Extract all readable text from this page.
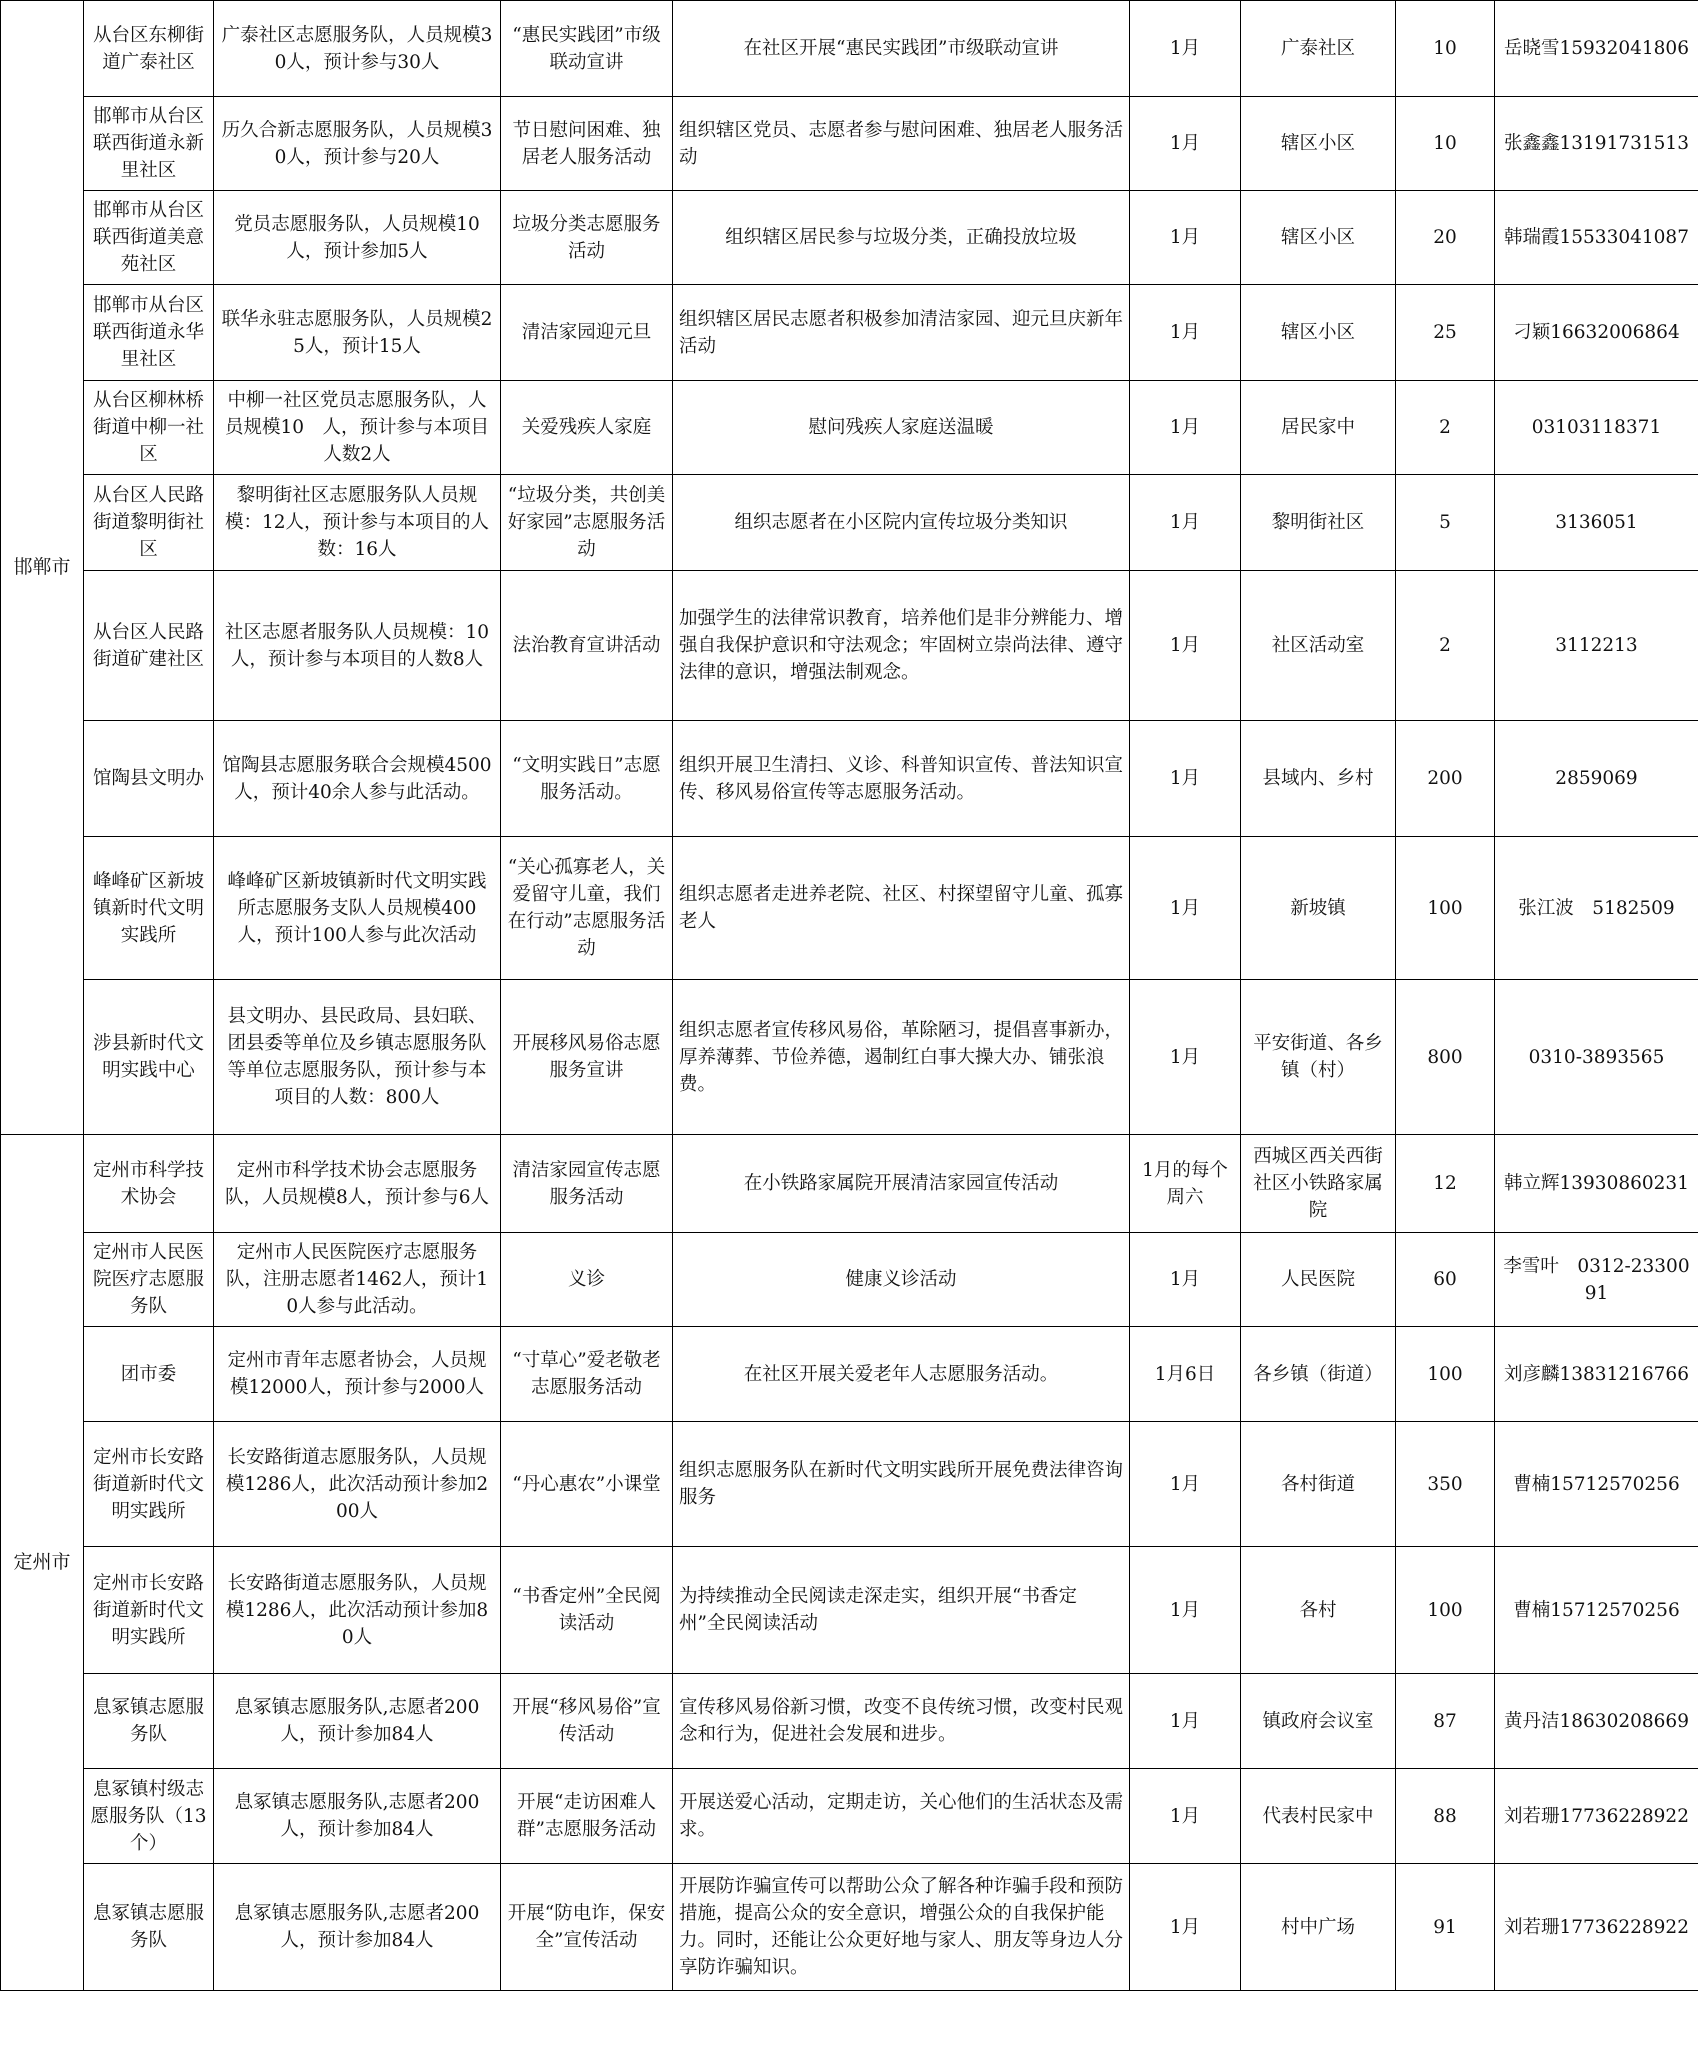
邯郸市	从台区东柳街道广泰社区	广泰社区志愿服务队，人员规模30人，预计参与30人	“惠民实践团”市级联动宣讲	在社区开展“惠民实践团”市级联动宣讲	1月	广泰社区	10	岳晓雪15932041806
	邯郸市从台区联西街道永新里社区	历久合新志愿服务队，人员规模30人，预计参与20人	节日慰问困难、独居老人服务活动	组织辖区党员、志愿者参与慰问困难、独居老人服务活动	1月	辖区小区	10	张鑫鑫13191731513
	邯郸市从台区联西街道美意苑社区	党员志愿服务队，人员规模10人，预计参加5人	垃圾分类志愿服务活动	组织辖区居民参与垃圾分类，正确投放垃圾	1月	辖区小区	20	韩瑞霞15533041087
	邯郸市从台区联西街道永华里社区	联华永驻志愿服务队，人员规模25人，预计15人	清洁家园迎元旦	组织辖区居民志愿者积极参加清洁家园、迎元旦庆新年活动	1月	辖区小区	25	刁颖16632006864
	从台区柳林桥街道中柳一社区	中柳一社区党员志愿服务队，人员规模10　人，预计参与本项目人数2人	关爱残疾人家庭	慰问残疾人家庭送温暖	1月	居民家中	2	03103118371
	从台区人民路街道黎明街社区	黎明街社区志愿服务队人员规模：12人，预计参与本项目的人数：16人	“垃圾分类，共创美好家园”志愿服务活动	组织志愿者在小区院内宣传垃圾分类知识	1月	黎明街社区	5	3136051
	从台区人民路街道矿建社区	社区志愿者服务队人员规模：10人，预计参与本项目的人数8人	法治教育宣讲活动	加强学生的法律常识教育，培养他们是非分辨能力、增强自我保护意识和守法观念；牢固树立崇尚法律、遵守法律的意识，增强法制观念。	1月	社区活动室	2	3112213
	馆陶县文明办	馆陶县志愿服务联合会规模4500人，预计40余人参与此活动。	“文明实践日”志愿服务活动。	组织开展卫生清扫、义诊、科普知识宣传、普法知识宣传、移风易俗宣传等志愿服务活动。	1月	县域内、乡村	200	2859069
	峰峰矿区新坡镇新时代文明实践所	峰峰矿区新坡镇新时代文明实践所志愿服务支队人员规模400人，预计100人参与此次活动	“关心孤寡老人，关爱留守儿童，我们在行动”志愿服务活动	组织志愿者走进养老院、社区、村探望留守儿童、孤寡老人	1月	新坡镇	100	张江波　5182509
	涉县新时代文明实践中心	县文明办、县民政局、县妇联、团县委等单位及乡镇志愿服务队等单位志愿服务队，预计参与本项目的人数：800人	开展移风易俗志愿服务宣讲	组织志愿者宣传移风易俗，革除陋习，提倡喜事新办，厚养薄葬、节俭养德，遏制红白事大操大办、铺张浪费。	1月	平安街道、各乡镇（村）	800	0310-3893565
定州市	定州市科学技术协会	定州市科学技术协会志愿服务队，人员规模8人，预计参与6人	清洁家园宣传志愿服务活动	在小铁路家属院开展清洁家园宣传活动	1月的每个周六	西城区西关西街社区小铁路家属院	12	韩立辉13930860231
	定州市人民医院医疗志愿服务队	定州市人民医院医疗志愿服务队，注册志愿者1462人，预计10人参与此活动。	义诊	健康义诊活动	1月	人民医院	60	李雪叶　0312-2330091
	团市委	定州市青年志愿者协会，人员规模12000人，预计参与2000人	“寸草心”爱老敬老志愿服务活动	在社区开展关爱老年人志愿服务活动。	1月6日	各乡镇（街道）	100	刘彦麟13831216766
	定州市长安路街道新时代文明实践所	长安路街道志愿服务队，人员规模1286人，此次活动预计参加200人	“丹心惠农”小课堂	组织志愿服务队在新时代文明实践所开展免费法律咨询服务	1月	各村街道	350	曹楠15712570256
	定州市长安路街道新时代文明实践所	长安路街道志愿服务队，人员规模1286人，此次活动预计参加80人	“书香定州”全民阅读活动	为持续推动全民阅读走深走实，组织开展“书香定州”全民阅读活动	1月	各村	100	曹楠15712570256
	息冢镇志愿服务队	息冢镇志愿服务队,志愿者200人，预计参加84人	开展“移风易俗”宣传活动	宣传移风易俗新习惯，改变不良传统习惯，改变村民观念和行为，促进社会发展和进步。	1月	镇政府会议室	87	黄丹洁18630208669
	息冢镇村级志愿服务队（13个）	息冢镇志愿服务队,志愿者200人，预计参加84人	开展“走访困难人群”志愿服务活动	开展送爱心活动，定期走访，关心他们的生活状态及需求。	1月	代表村民家中	88	刘若珊17736228922
	息冢镇志愿服务队	息冢镇志愿服务队,志愿者200人，预计参加84人	开展“防电诈，保安全”宣传活动	开展防诈骗宣传可以帮助公众了解各种诈骗手段和预防措施，提高公众的安全意识，增强公众的自我保护能力。同时，还能让公众更好地与家人、朋友等身边人分享防诈骗知识。	1月	村中广场	91	刘若珊17736228922
